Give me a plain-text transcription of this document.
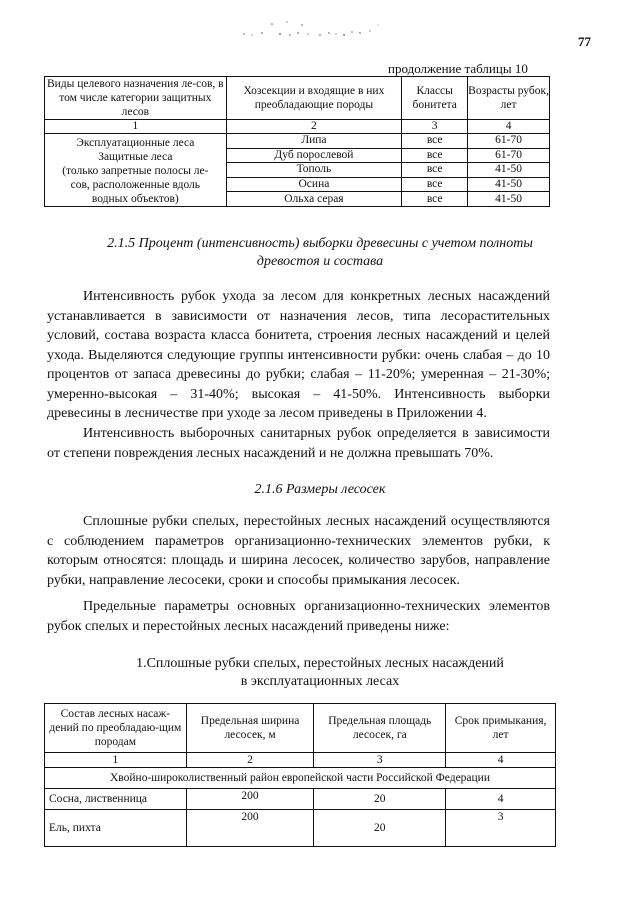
77
продолжение таблицы 10
Виды целевого назначения ле-сов, в том числе категории защитных лесов	Хозсекции и входящие в них преобладающие породы	Классы бонитета	Возрасты рубок, лет
1	2	3	4

Эксплуатационные леса
Защитные леса
(только запретные полосы ле-
сов, расположенные вдоль
водных объектов)	Липа	все	61-70
	Дуб порослевой	все	61-70
	Тополь	все	41-50
	Осина	все	41-50
	Ольха серая	все	41-50
2.1.5 Процент (интенсивность) выборки древесины с учетом полноты
древостоя и состава

Интенсивность рубок ухода за лесом для конкретных лесных насаждений устанавливается в зависимости от назначения лесов, типа лесорастительных условий, состава возраста класса бонитета, строения лесных насаждений и целей ухода. Выделяются следующие группы интенсивности рубки: очень слабая – до 10 процентов от запаса древесины до рубки; слабая – 11-20%; умеренная – 21-30%; умеренно-высокая – 31-40%; высокая – 41-50%. Интенсивность выборки древесины в лесничестве при уходе за лесом приведены в Приложении 4.

Интенсивность выборочных санитарных рубок определяется в зависимости от степени повреждения лесных насаждений и не должна превышать 70%.

2.1.6 Размеры лесосек

Сплошные рубки спелых, перестойных лесных насаждений осуществляются с соблюдением параметров организационно-технических элементов рубки, к которым относятся: площадь и ширина лесосек, количество зарубов, направление рубки, направление лесосеки, сроки и способы примыкания лесосек.

Предельные параметры основных организационно-технических элементов рубок спелых и перестойных лесных насаждений приведены ниже:

1.Сплошные рубки спелых, перестойных лесных насаждений
в эксплуатационных лесах
Состав лесных насаж-дений по преобладаю-щим породам	Предельная ширина лесосек, м	Предельная площадь лесосек, га	Срок примыкания, лет
1	2	3	4
Хвойно-широколиственный район европейской части Российской Федерации			
Сосна, лиственница	200	20	4
Ель, пихта	200	20	3
